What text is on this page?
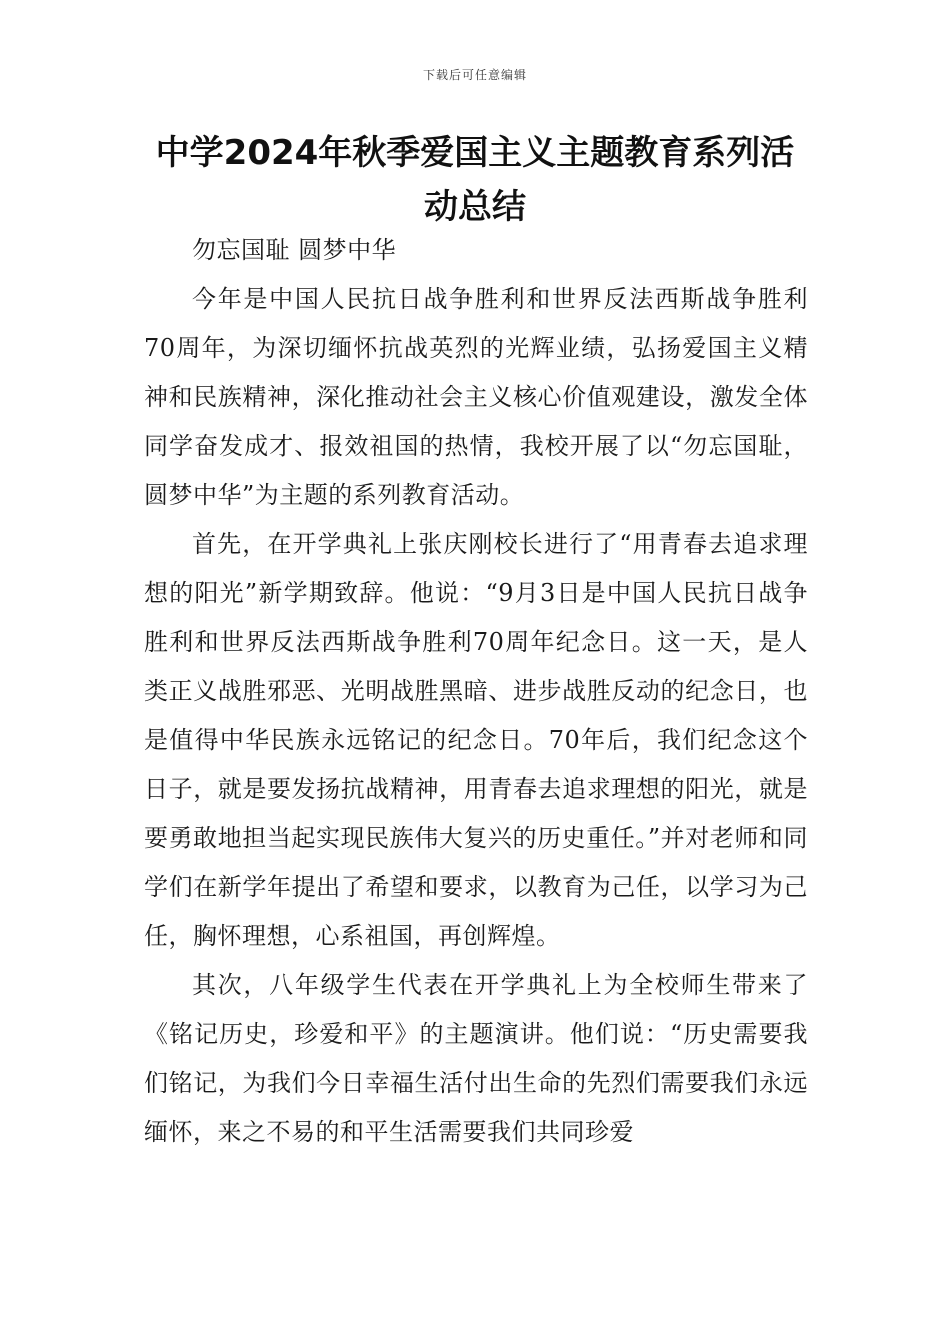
下载后可任意编辑
中学2024年秋季爱国主义主题教育系列活动总结

勿忘国耻 圆梦中华

今年是中国人民抗日战争胜利和世界反法西斯战争胜利70周年，为深切缅怀抗战英烈的光辉业绩，弘扬爱国主义精神和民族精神，深化推动社会主义核心价值观建设，激发全体同学奋发成才、报效祖国的热情，我校开展了以“勿忘国耻，圆梦中华”为主题的系列教育活动。

首先，在开学典礼上张庆刚校长进行了“用青春去追求理想的阳光”新学期致辞。他说：“9月3日是中国人民抗日战争胜利和世界反法西斯战争胜利70周年纪念日。这一天，是人类正义战胜邪恶、光明战胜黑暗、进步战胜反动的纪念日，也是值得中华民族永远铭记的纪念日。70年后，我们纪念这个日子，就是要发扬抗战精神，用青春去追求理想的阳光，就是要勇敢地担当起实现民族伟大复兴的历史重任。”并对老师和同学们在新学年提出了希望和要求，以教育为己任，以学习为己任，胸怀理想，心系祖国，再创辉煌。

其次，八年级学生代表在开学典礼上为全校师生带来了《铭记历史，珍爱和平》的主题演讲。他们说：“历史需要我们铭记，为我们今日幸福生活付出生命的先烈们需要我们永远缅怀，来之不易的和平生活需要我们共同珍爱
